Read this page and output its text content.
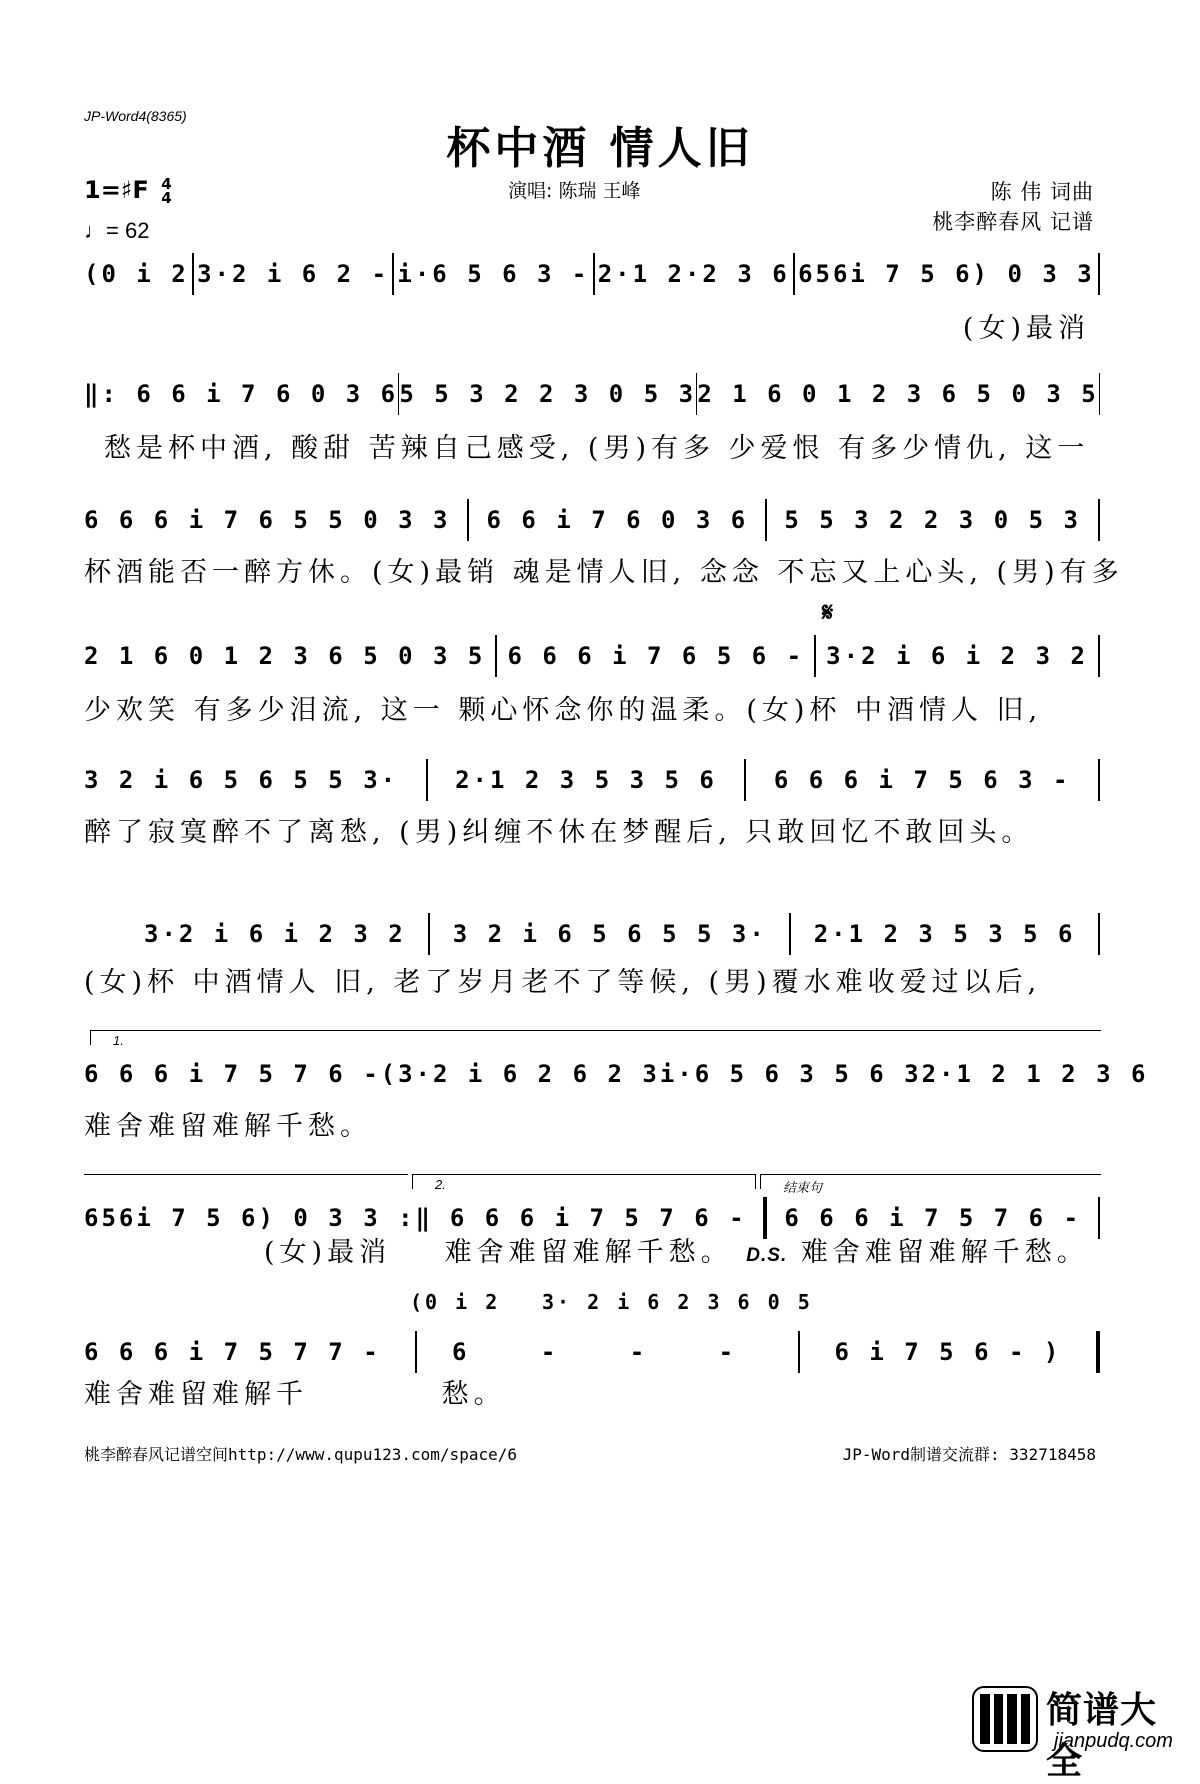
JP-Word4(8365)
杯中酒 情人旧
1=♯F 4
4
♩= 62
演唱: 陈瑞 王峰	陈 伟 词曲
桃李醉春风 记谱
(0 i 2 3·2 i 6 2 - i·6 5 6 3 - 2·1 2·2 3 6 656i 7 5 6) 0 3 3
(女)最消
‖: 6 6 i 7 6 0 3 6 5 5 3 2 2 3 0 5 3 2 1 6 0 1 2 3 6 5 0 3 5
愁是杯中酒, 酸甜 苦辣自己感受, (男)有多 少爱恨 有多少情仇, 这一
6 6 6 i 7 6 5 5 0 3 3 6 6 i 7 6 0 3 6 5 5 3 2 2 3 0 5 3
杯酒能否一醉方休。(女)最销 魂是情人旧, 念念 不忘又上心头, (男)有多
𝄋
2 1 6 0 1 2 3 6 5 0 3 5 6 6 6 i 7 6 5 6 - 3·2 i 6 i 2 3 2
少欢笑 有多少泪流, 这一 颗心怀念你的温柔。(女)杯 中酒情人 旧,
3 2 i 6 5 6 5 5 3· 2·1 2 3 5 3 5 6 6 6 6 i 7 5 6 3 -
醉了寂寞醉不了离愁, (男)纠缠不休在梦醒后, 只敢回忆不敢回头。
3·2 i 6 i 2 3 2 3 2 i 6 5 6 5 5 3· 2·1 2 3 5 3 5 6
(女)杯 中酒情人 旧, 老了岁月老不了等候, (男)覆水难收爱过以后,
1.
6 6 6 i 7 5 7 6 - (3·2 i 6 2 6 2 3 i·6 5 6 3 5 6 3 2·1 2 1 2 3 6
难舍难留难解千愁。
2.	结束句
656i 7 5 6) 0 3 3 :‖ 6 6 6 i 7 5 7 6 - 6 6 6 i 7 5 7 6 -
(女)最消 难舍难留难解千愁。 D.S. 难舍难留难解千愁。
(0 i 2 3· 2 i 6 2 3 6 0 5
6 6 6 i 7 5 7 7 -	6 - - -	6 i 7 5 6 - )
难舍难留难解千	愁。
桃李醉春风记谱空间http://www.qupu123.com/space/6	JP-Word制谱交流群: 332718458
简谱大全
jianpudq.com
